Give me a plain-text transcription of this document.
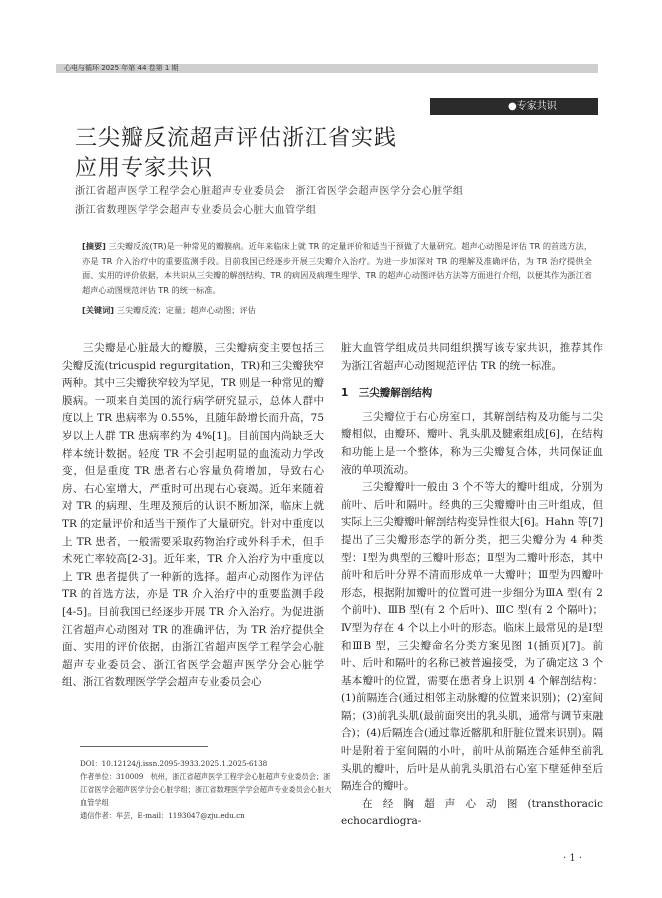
心电与循环 2025 年第 44 卷第 1 期
●专家共识
三尖瓣反流超声评估浙江省实践
应用专家共识
浙江省超声医学工程学会心脏超声专业委员会　浙江省医学会超声医学分会心脏学组
浙江省数理医学学会超声专业委员会心脏大血管学组
[摘要] 三尖瓣反流(TR)是一种常见的瓣膜病。近年来临床上就 TR 的定量评价和适当干预做了大量研究。超声心动图是评估 TR 的首选方法，亦是 TR 介入治疗中的重要监测手段。目前我国已经逐步开展三尖瓣介入治疗。为进一步加深对 TR 的理解及准确评估，为 TR 治疗提供全面、实用的评价依据，本共识从三尖瓣的解剖结构、TR 的病因及病理生理学、TR 的超声心动图评估方法等方面进行介绍，以便其作为浙江省超声心动图规范评估 TR 的统一标准。
[关键词] 三尖瓣反流；定量；超声心动图；评估

三尖瓣是心脏最大的瓣膜，三尖瓣病变主要包括三尖瓣反流(tricuspid regurgitation，TR)和三尖瓣狭窄两种。其中三尖瓣狭窄较为罕见，TR 则是一种常见的瓣膜病。一项来自美国的流行病学研究显示，总体人群中度以上 TR 患病率为 0.55%，且随年龄增长而升高，75 岁以上人群 TR 患病率约为 4%[1]。目前国内尚缺乏大样本统计数据。轻度 TR 不会引起明显的血流动力学改变，但是重度 TR 患者右心容量负荷增加，导致右心房、右心室增大，严重时可出现右心衰竭。近年来随着对 TR 的病理、生理及预后的认识不断加深，临床上就 TR 的定量评价和适当干预作了大量研究。针对中重度以上 TR 患者，一般需要采取药物治疗或外科手术，但手术死亡率较高[2-3]。近年来，TR 介入治疗为中重度以上 TR 患者提供了一种新的选择。超声心动图作为评估 TR 的首选方法，亦是 TR 介入治疗中的重要监测手段[4-5]。目前我国已经逐步开展 TR 介入治疗。为促进浙江省超声心动图对 TR 的准确评估，为 TR 治疗提供全面、实用的评价依据，由浙江省超声医学工程学会心脏超声专业委员会、浙江省医学会超声医学分会心脏学组、浙江省数理医学学会超声专业委员会心

脏大血管学组成员共同组织撰写该专家共识，推荐其作为浙江省超声心动图规范评估 TR 的统一标准。

1　三尖瓣解剖结构

三尖瓣位于右心房室口，其解剖结构及功能与二尖瓣相似，由瓣环、瓣叶、乳头肌及腱索组成[6]，在结构和功能上是一个整体，称为三尖瓣复合体，共同保证血液的单项流动。

三尖瓣瓣叶一般由 3 个不等大的瓣叶组成，分别为前叶、后叶和隔叶。经典的三尖瓣瓣叶由三叶组成，但实际上三尖瓣瓣叶解剖结构变异性很大[6]。Hahn 等[7]提出了三尖瓣形态学的新分类，把三尖瓣分为 4 种类型：Ⅰ型为典型的三瓣叶形态；Ⅱ型为二瓣叶形态，其中前叶和后叶分界不清而形成单一大瓣叶；Ⅲ型为四瓣叶形态，根据附加瓣叶的位置可进一步细分为ⅢA 型(有 2 个前叶)、ⅢB 型(有 2 个后叶)、ⅢC 型(有 2 个隔叶)；Ⅳ型为存在 4 个以上小叶的形态。临床上最常见的是Ⅰ型和ⅢB 型，三尖瓣命名分类方案见图 1(插页)[7]。前叶、后叶和隔叶的名称已被普遍接受，为了确定这 3 个基本瓣叶的位置，需要在患者身上识别 4 个解剖结构：(1)前隔连合(通过相邻主动脉瓣的位置来识别)；(2)室间隔；(3)前乳头肌(最前面突出的乳头肌，通常与调节束融合)；(4)后隔连合(通过靠近髂肌和肝脏位置来识别)。隔叶是附着于室间隔的小叶，前叶从前隔连合延伸至前乳头肌的瓣叶，后叶是从前乳头肌沿右心室下壁延伸至后隔连合的瓣叶。

在经胸超声心动图(transthoracic echocardiogra-

DOI：10.12124/j.issn.2095-3933.2025.1.2025-6138
作者单位：310009　杭州，浙江省超声医学工程学会心脏超声专业委员会；浙江省医学会超声医学分会心脏学组；浙江省数理医学学会超声专业委员会心脏大血管学组
通信作者：牟芸，E-mail：1193047@zju.edu.cn
· 1 ·
